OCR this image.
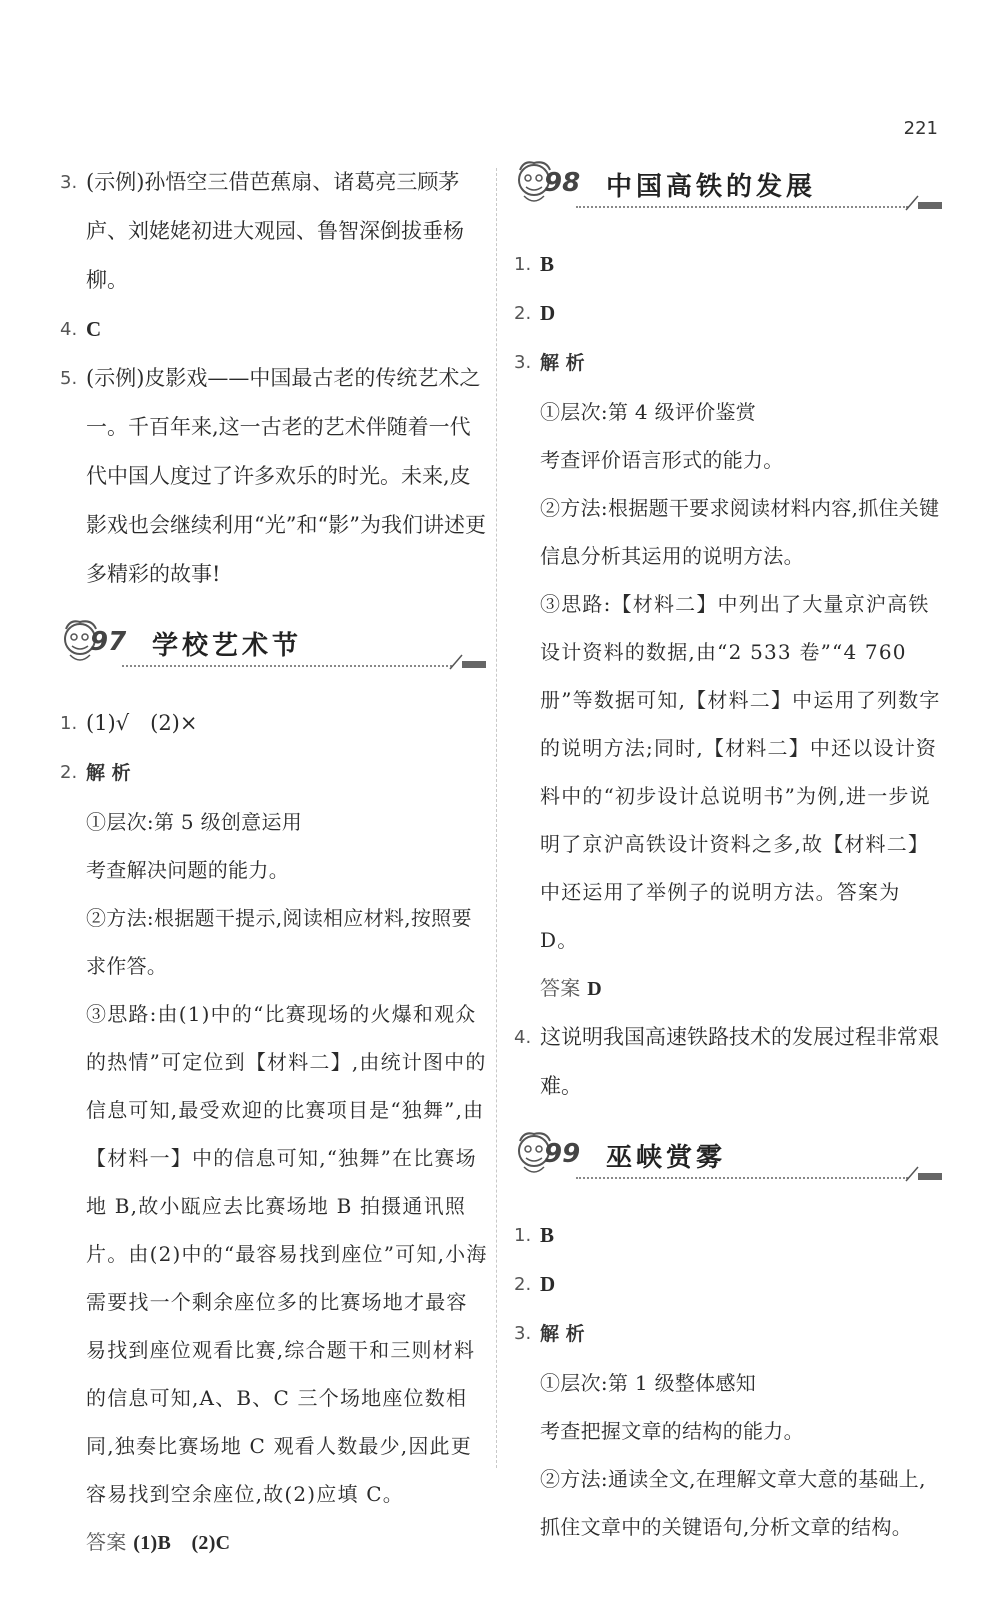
221

3. (示例)孙悟空三借芭蕉扇、诸葛亮三顾茅庐、刘姥姥初进大观园、鲁智深倒拔垂杨柳。

4. C

5. (示例)皮影戏——中国最古老的传统艺术之一。千百年来,这一古老的艺术伴随着一代代中国人度过了许多欢乐的时光。未来,皮影戏也会继续利用“光”和“影”为我们讲述更多精彩的故事!

97 学校艺术节

1. (1)√　(2)×

2. 解 析

①层次:第 5 级创意运用

考查解决问题的能力。

②方法:根据题干提示,阅读相应材料,按照要求作答。

③思路:由(1)中的“比赛现场的火爆和观众的热情”可定位到【材料二】,由统计图中的信息可知,最受欢迎的比赛项目是“独舞”,由【材料一】中的信息可知,“独舞”在比赛场地 B,故小瓯应去比赛场地 B 拍摄通讯照片。由(2)中的“最容易找到座位”可知,小海需要找一个剩余座位多的比赛场地才最容易找到座位观看比赛,综合题干和三则材料的信息可知,A、B、C 三个场地座位数相同,独奏比赛场地 C 观看人数最少,因此更容易找到空余座位,故(2)应填 C。

答案 (1)B　(2)C

98 中国高铁的发展

1. B

2. D

3. 解 析

①层次:第 4 级评价鉴赏

考查评价语言形式的能力。

②方法:根据题干要求阅读材料内容,抓住关键信息分析其运用的说明方法。

③思路:【材料二】中列出了大量京沪高铁设计资料的数据,由“2 533 卷”“4 760 册”等数据可知,【材料二】中运用了列数字的说明方法;同时,【材料二】中还以设计资料中的“初步设计总说明书”为例,进一步说明了京沪高铁设计资料之多,故【材料二】中还运用了举例子的说明方法。答案为 D。

答案 D

4. 这说明我国高速铁路技术的发展过程非常艰难。

99 巫峡赏雾

1. B

2. D

3. 解 析

①层次:第 1 级整体感知

考查把握文章的结构的能力。

②方法:通读全文,在理解文章大意的基础上,抓住文章中的关键语句,分析文章的结构。
